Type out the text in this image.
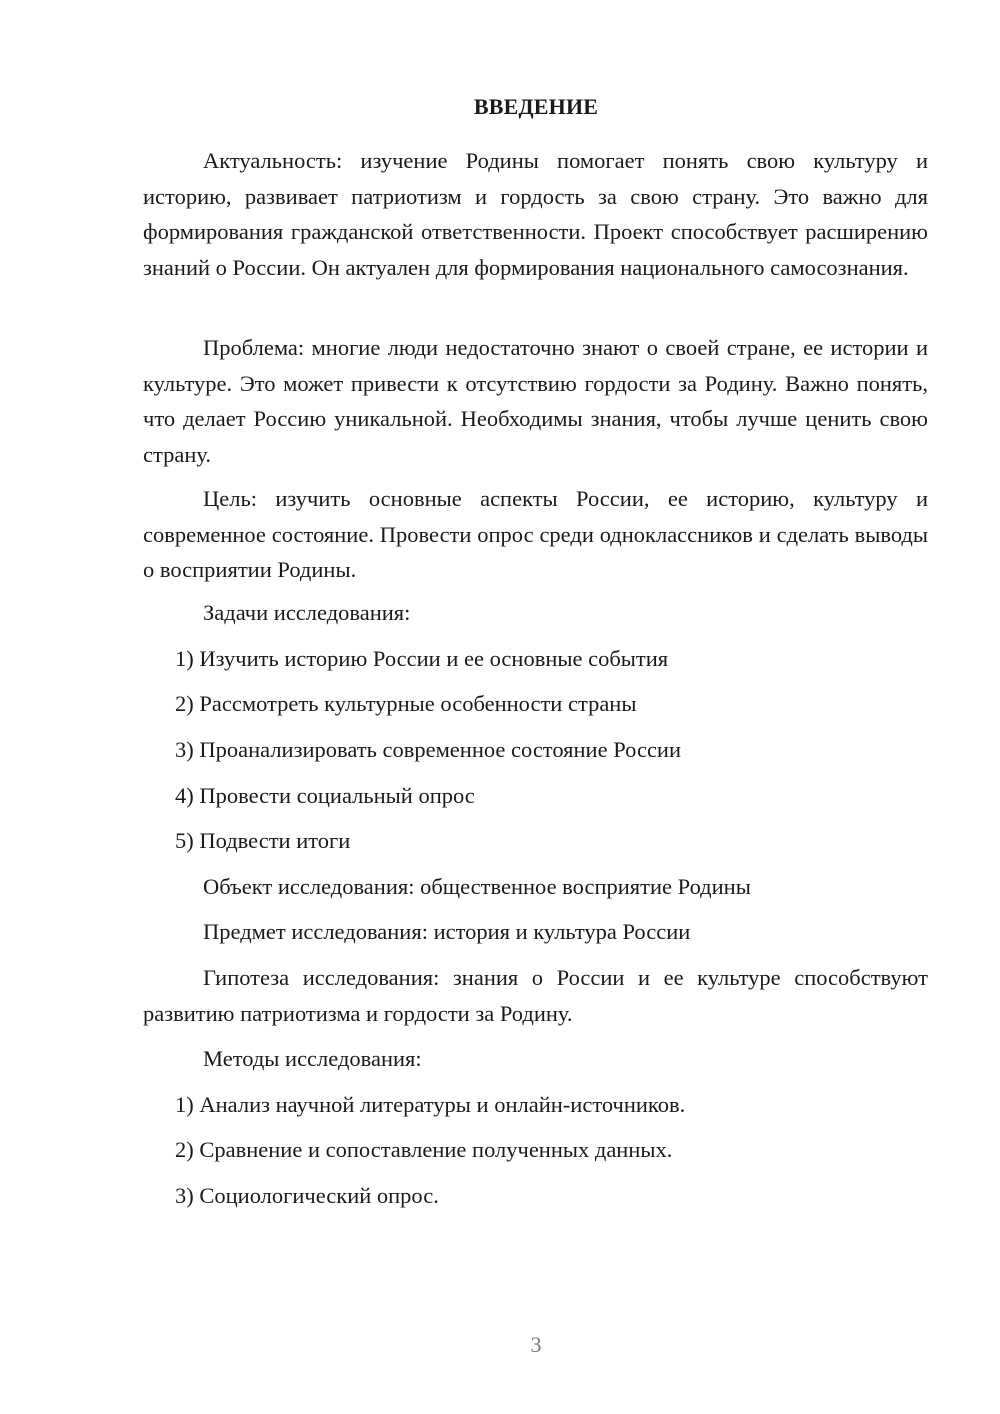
ВВЕДЕНИЕ

Актуальность: изучение Родины помогает понять свою культуру и историю, развивает патриотизм и гордость за свою страну. Это важно для формирования гражданской ответственности. Проект способствует расширению знаний о России. Он актуален для формирования национального самосознания.

Проблема: многие люди недостаточно знают о своей стране, ее истории и культуре. Это может привести к отсутствию гордости за Родину. Важно понять, что делает Россию уникальной. Необходимы знания, чтобы лучше ценить свою страну.

Цель: изучить основные аспекты России, ее историю, культуру и современное состояние. Провести опрос среди одноклассников и сделать выводы о восприятии Родины.

Задачи исследования:

1) Изучить историю России и ее основные события

2) Рассмотреть культурные особенности страны

3) Проанализировать современное состояние России

4) Провести социальный опрос

5) Подвести итоги

Объект исследования: общественное восприятие Родины

Предмет исследования: история и культура России

Гипотеза исследования: знания о России и ее культуре способствуют развитию патриотизма и гордости за Родину.

Методы исследования:

1) Анализ научной литературы и онлайн-источников.

2) Сравнение и сопоставление полученных данных.

3) Социологический опрос.

3
